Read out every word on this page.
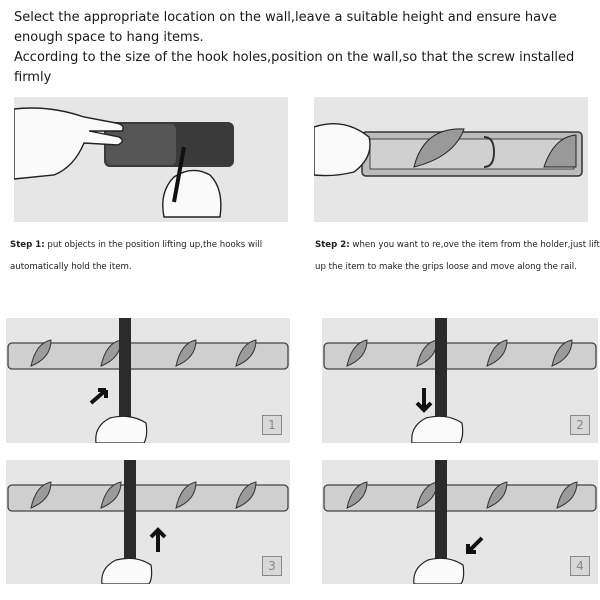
Select the appropriate location on the wall,leave a suitable height and ensure have enough space to hang items.

According to the size of the hook holes,position on the wall,so that the screw installed firmly

Step 1: put objects in the position lifting up,the hooks will automatically hold the item.
Step 2: when you want to re,ove the item from the holder,just lift up the item to make the grips loose and move along the rail.
1	2
3	4
